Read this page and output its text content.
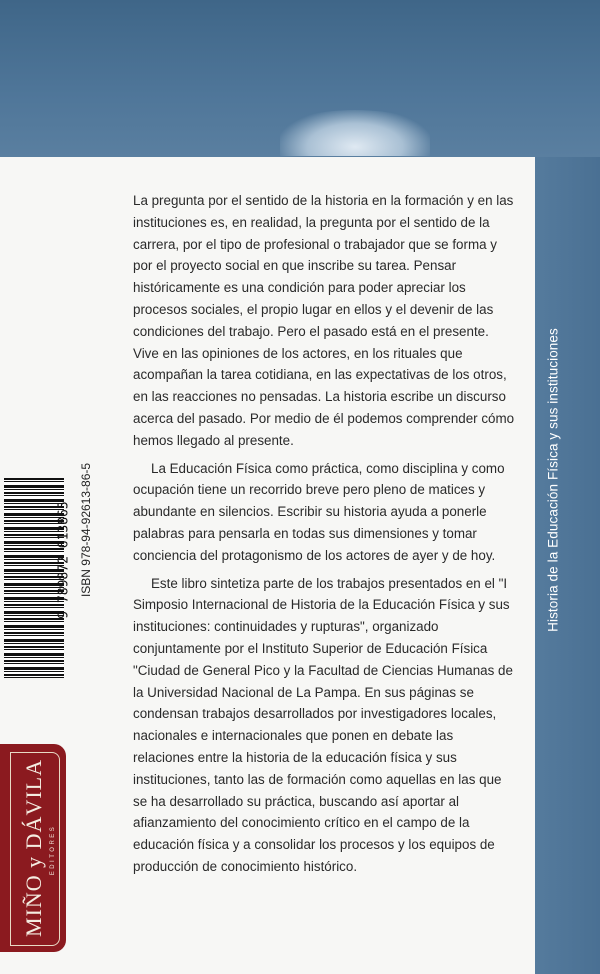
Historia de la Educación Física y sus instituciones

La pregunta por el sentido de la historia en la formación y en las instituciones es, en realidad, la pregunta por el sentido de la carrera, por el tipo de profesional o trabajador que se forma y por el proyecto social en que inscribe su tarea. Pensar históricamente es una condición para poder apreciar los procesos sociales, el propio lugar en ellos y el devenir de las condiciones del trabajo. Pero el pasado está en el presente. Vive en las opiniones de los actores, en los rituales que acompañan la tarea cotidiana, en las expectativas de los otros, en las reacciones no pensadas. La historia escribe un discurso acerca del pasado. Por medio de él podemos comprender cómo hemos llegado al presente.

La Educación Física como práctica, como disciplina y como ocupación tiene un recorrido breve pero pleno de matices y abundante en silencios. Escribir su historia ayuda a ponerle palabras para pensarla en todas sus dimensiones y tomar conciencia del protagonismo de los actores de ayer y de hoy.

Este libro sintetiza parte de los trabajos presentados en el "I Simposio Internacional de Historia de la Educación Física y sus instituciones: continuidades y rupturas", organizado conjuntamente por el Instituto Superior de Educación Física "Ciudad de General Pico y la Facultad de Ciencias Humanas de la Universidad Nacional de La Pampa. En sus páginas se condensan trabajos desarrollados por investigadores locales, nacionales e internacionales que ponen en debate las relaciones entre la historia de la educación física y sus instituciones, tanto las de formación como aquellas en las que se ha desarrollado su práctica, buscando así aportar al afianzamiento del conocimiento crítico en el campo de la educación física y a consolidar los procesos y los equipos de producción de conocimiento histórico.

9 789872 613865 ISBN 978-94-92613-86-5
MIÑO y DÁVILA EDITORES
